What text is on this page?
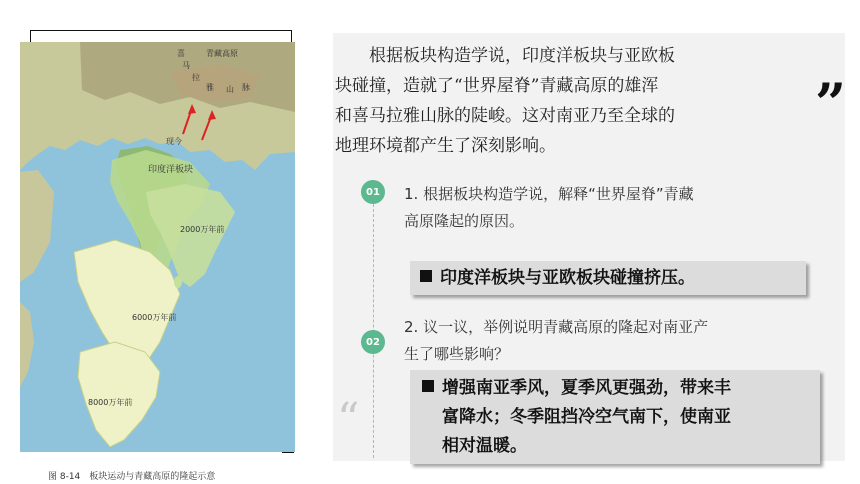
喜
马
拉
雅 山 脉
青藏高原
现今
印度洋板块
2000万年前
6000万年前
8000万年前
图 8-14　板块运动与青藏高原的隆起示意
根据板块构造学说，印度洋板块与亚欧板
块碰撞，造就了“世界屋脊”青藏高原的雄浑
和喜马拉雅山脉的陡峻。这对南亚乃至全球的
地理环境都产生了深刻影响。
”
“
01	1. 根据板块构造学说，解释“世界屋脊”青藏
高原隆起的原因。
印度洋板块与亚欧板块碰撞挤压。
02
2. 议一议，举例说明青藏高原的隆起对南亚产
生了哪些影响？
增强南亚季风，夏季风更强劲，带来丰
富降水；冬季阻挡冷空气南下，使南亚
相对温暖。
